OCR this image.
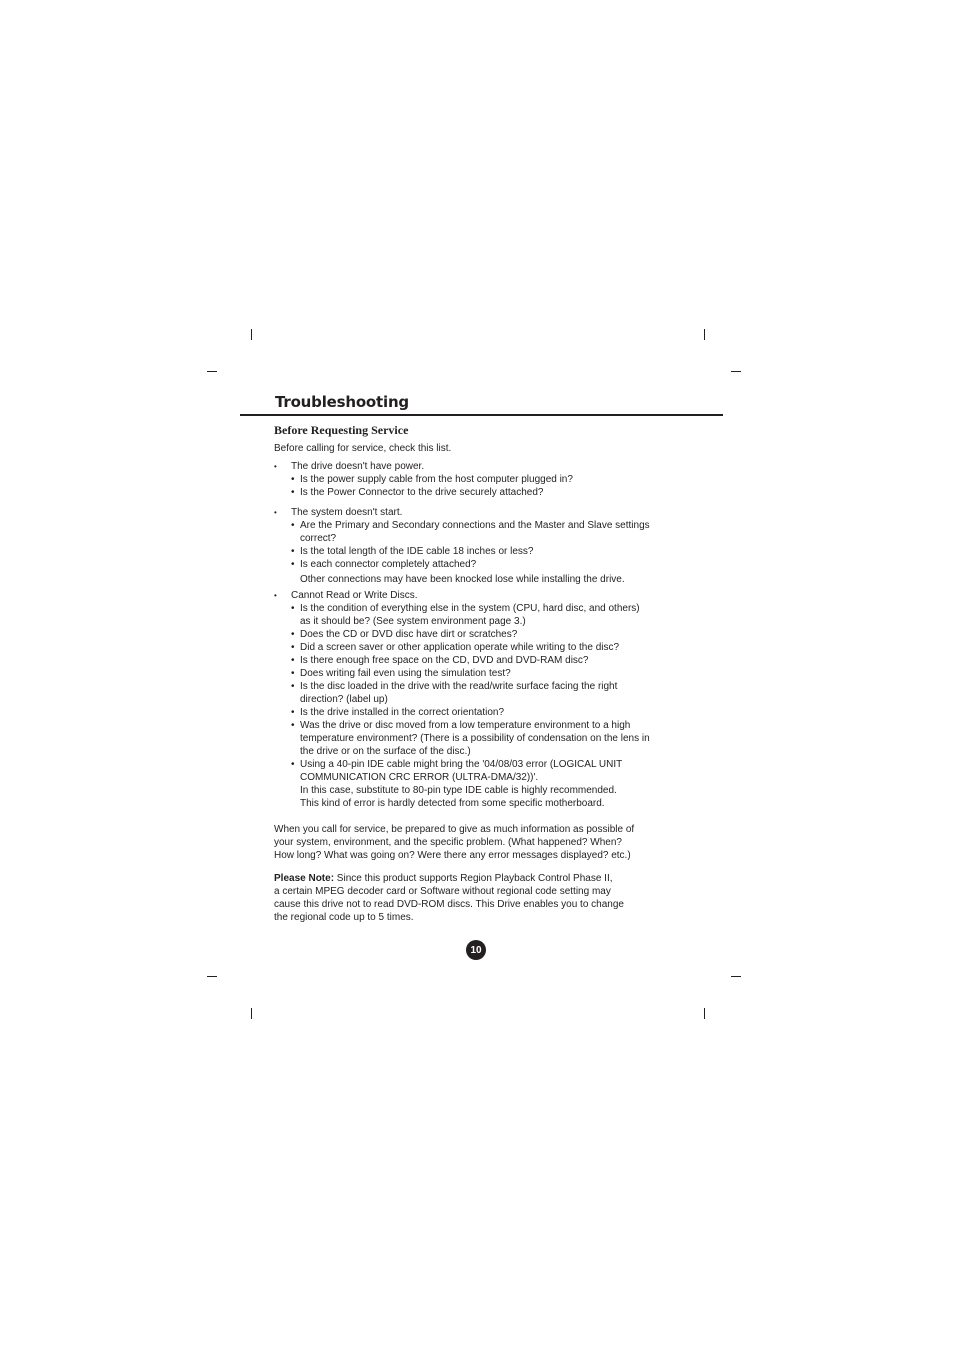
Troubleshooting
Before Requesting Service

Before calling for service, check this list.

• The drive doesn't have power.

• Is the power supply cable from the host computer plugged in?

• Is the Power Connector to the drive securely attached?

• The system doesn't start.

• Are the Primary and Secondary connections and the Master and Slave settings

correct?

• Is the total length of the IDE cable 18 inches or less?

• Is each connector completely attached?

Other connections may have been knocked lose while installing the drive.

• Cannot Read or Write Discs.

• Is the condition of everything else in the system (CPU, hard disc, and others)

as it should be? (See system environment page 3.)

• Does the CD or DVD disc have dirt or scratches?

• Did a screen saver or other application operate while writing to the disc?

• Is there enough free space on the CD, DVD and DVD-RAM disc?

• Does writing fail even using the simulation test?

• Is the disc loaded in the drive with the read/write surface facing the right

direction? (label up)

• Is the drive installed in the correct orientation?

• Was the drive or disc moved from a low temperature environment to a high

temperature environment? (There is a possibility of condensation on the lens in

the drive or on the surface of the disc.)

• Using a 40-pin IDE cable might bring the '04/08/03 error (LOGICAL UNIT

COMMUNICATION CRC ERROR (ULTRA-DMA/32))'.

In this case, substitute to 80-pin type IDE cable is highly recommended.

This kind of error is hardly detected from some specific motherboard.

When you call for service, be prepared to give as much information as possible of

your system, environment, and the specific problem. (What happened? When?

How long? What was going on? Were there any error messages displayed? etc.)

Please Note: Since this product supports Region Playback Control Phase II,

a certain MPEG decoder card or Software without regional code setting may

cause this drive not to read DVD-ROM discs. This Drive enables you to change

the regional code up to 5 times.

10
